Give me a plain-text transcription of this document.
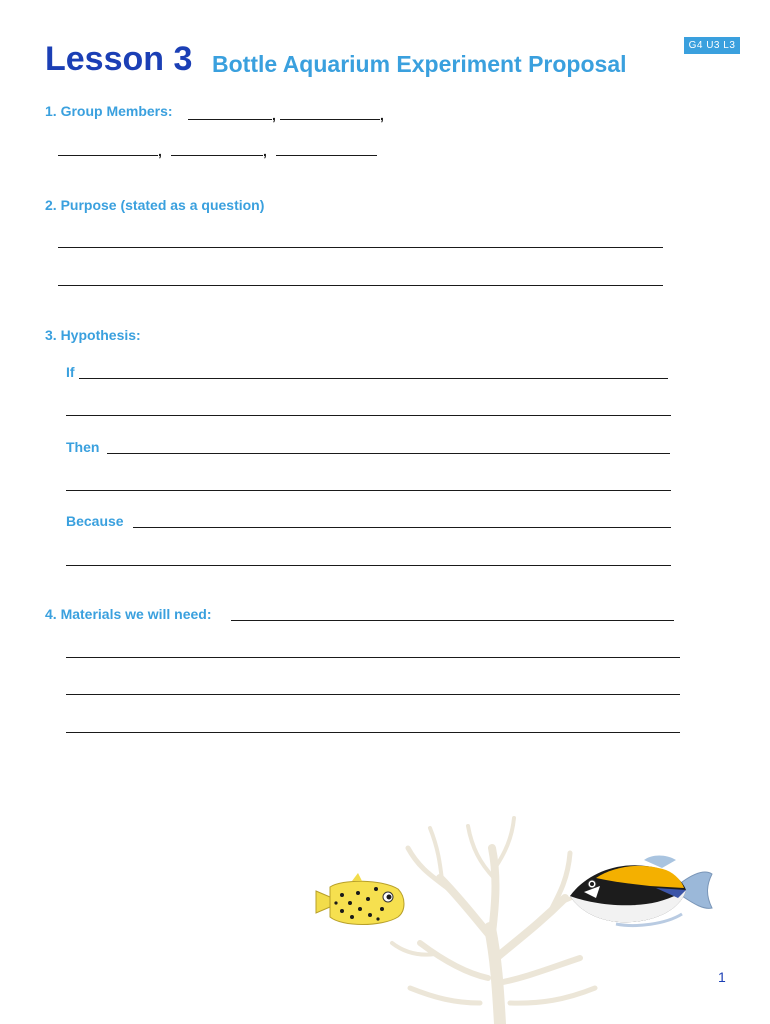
Lesson 3 Bottle Aquarium Experiment Proposal
G4 U3 L3
1. Group Members:	,	,
,	,
2. Purpose (stated as a question)
3. Hypothesis:
If
Then
Because
4. Materials we will need:
1
